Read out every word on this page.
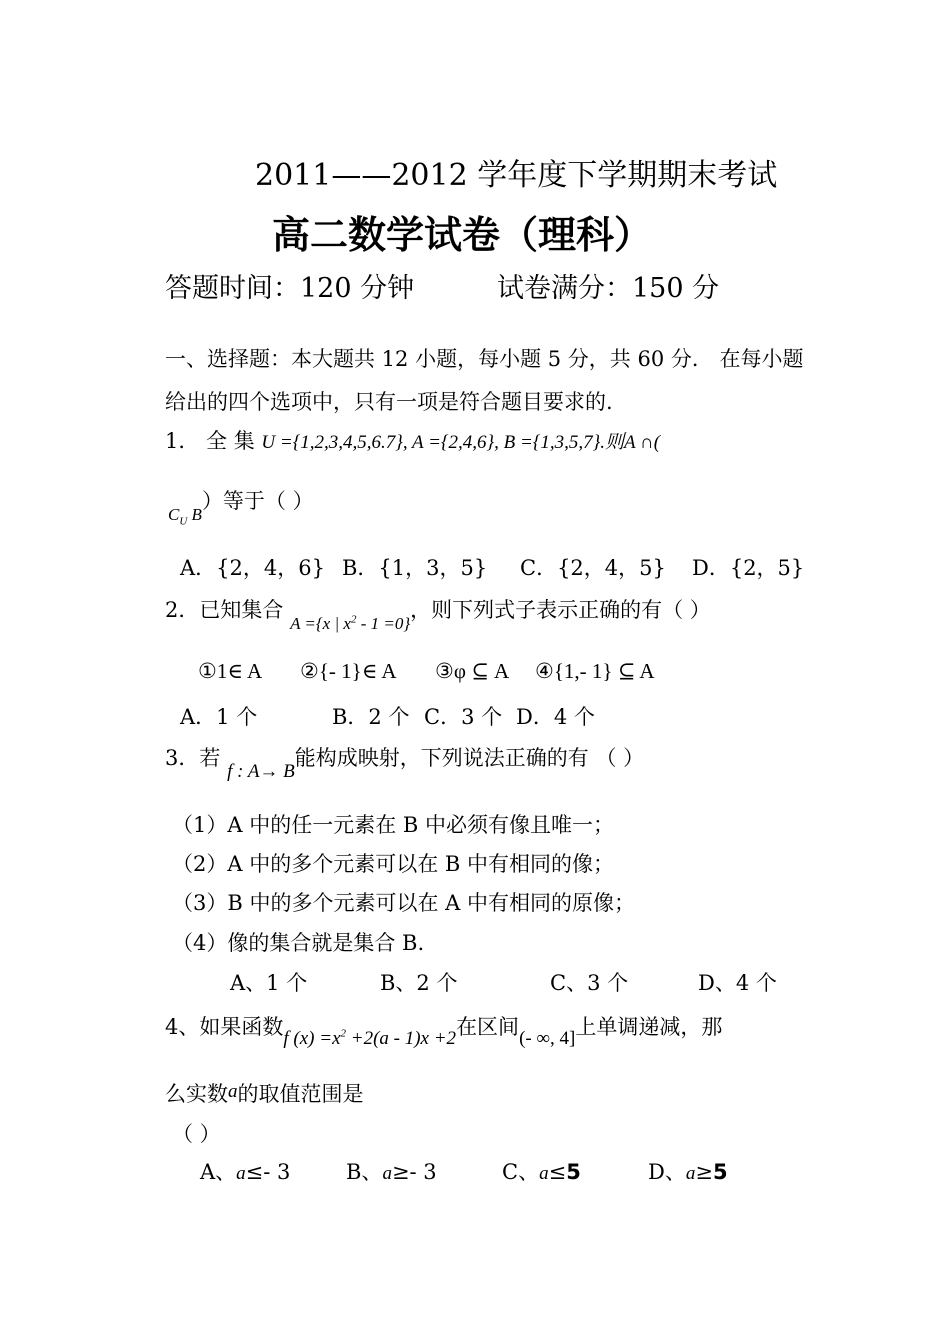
2011——2012 学年度下学期期末考试
高二数学试卷（理科）
答题时间：120 分钟	试卷满分：150 分
一、选择题：本大题共 12 小题，每小题 5 分，共 60 分． 在每小题
给出的四个选项中，只有一项是符合题目要求的.
1． 全 集 U ={1,2,3,4,5,6.7}, A ={2,4,6}, B ={1,3,5,7}.则A ∩(
$_{C_U B}$）等于（ ）
A．{2，4，6} B．{1，3，5} C．{2，4，5} D．{2，5}
2．已知集合 $_{A =\{x | x^2 - 1 =0\}}$，则下列式子表示正确的有（ ）
①1∈ A ②{- 1}∈ A ③φ ⊆ A ④{1,- 1} ⊆ A
A．1 个	B．2 个 C．3 个 D．4 个
3．若 f : A→ B能构成映射，下列说法正确的有 （ ）
（1）A 中的任一元素在 B 中必须有像且唯一；
（2）A 中的多个元素可以在 B 中有相同的像；
（3）B 中的多个元素可以在 A 中有相同的原像；
（4）像的集合就是集合 B.
A、1 个	B、2 个	C、3 个	D、4 个
4、如果函数f $(x) =x^2 +2(a - 1)x +2$在区间(- ∞, 4]上单调递减，那
么实数a的取值范围是
（ ）
A、a≤- 3	B、a≥- 3	C、a≤5	D、a≥5
